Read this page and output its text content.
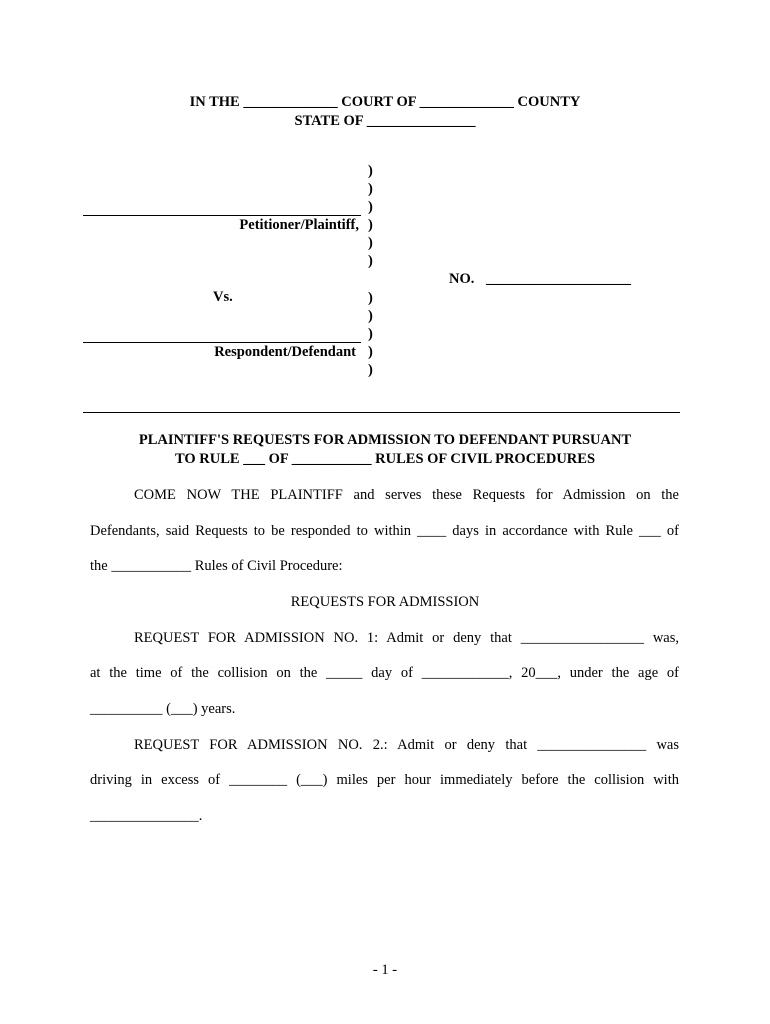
IN THE _____________ COURT OF _____________ COUNTY
STATE OF _______________
)
)
)
)
)
)
)
)
)
)
)
Petitioner/Plaintiff,
Vs.
Respondent/Defendant
NO. ____________________
PLAINTIFF'S REQUESTS FOR ADMISSION TO DEFENDANT PURSUANT
TO RULE ___ OF ___________ RULES OF CIVIL PROCEDURES
COME NOW THE PLAINTIFF and serves these Requests for Admission on the
Defendants, said Requests to be responded to within ____ days in accordance with Rule ___ of
the ___________ Rules of Civil Procedure:
REQUESTS FOR ADMISSION
REQUEST FOR ADMISSION NO. 1: Admit or deny that _________________ was,
at the time of the collision on the _____ day of ____________, 20___, under the age of
__________ (___) years.
REQUEST FOR ADMISSION NO. 2.: Admit or deny that _______________ was
driving in excess of ________ (___) miles per hour immediately before the collision with
_______________.
- 1 -
